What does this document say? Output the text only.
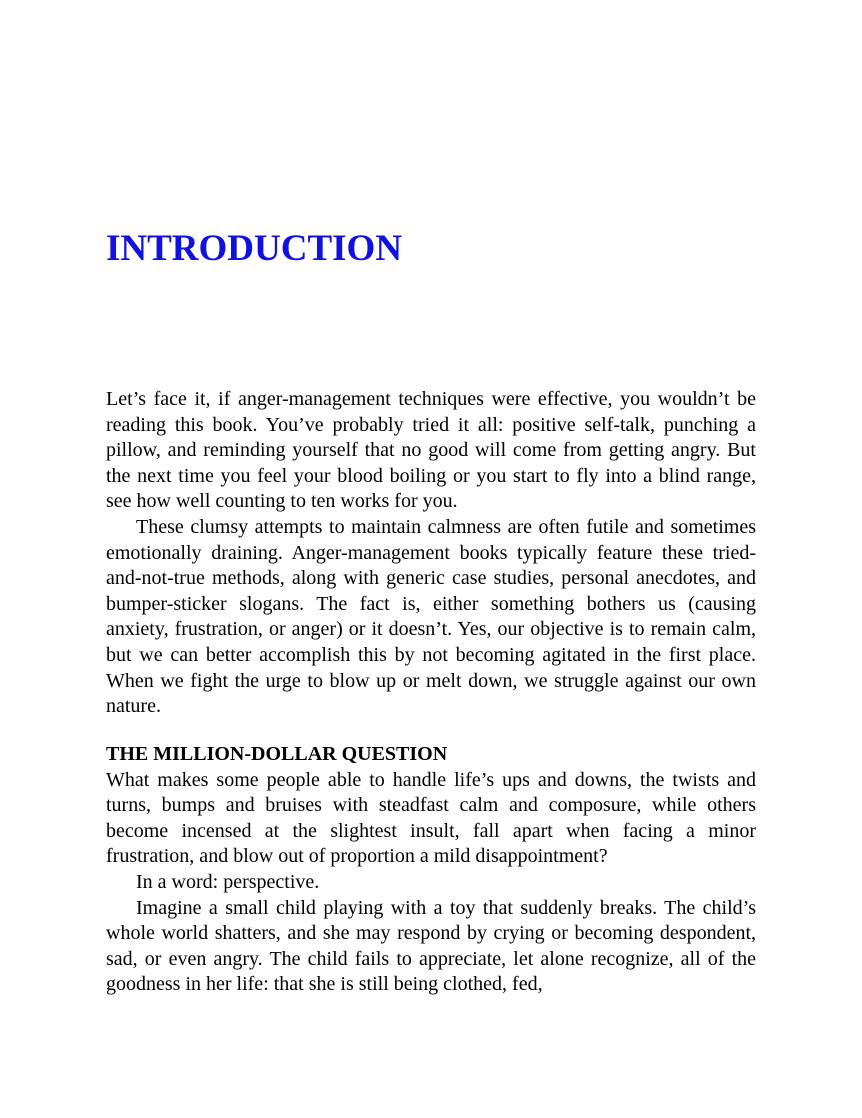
INTRODUCTION

Let’s face it, if anger-management techniques were effective, you wouldn’t be reading this book. You’ve probably tried it all: positive self-talk, punching a pillow, and reminding yourself that no good will come from getting angry. But the next time you feel your blood boiling or you start to fly into a blind range, see how well counting to ten works for you.

These clumsy attempts to maintain calmness are often futile and sometimes emotionally draining. Anger-management books typically feature these tried-and-not-true methods, along with generic case studies, personal anecdotes, and bumper-sticker slogans. The fact is, either something bothers us (causing anxiety, frustration, or anger) or it doesn’t. Yes, our objective is to remain calm, but we can better accomplish this by not becoming agitated in the first place. When we fight the urge to blow up or melt down, we struggle against our own nature.

THE MILLION-DOLLAR QUESTION

What makes some people able to handle life’s ups and downs, the twists and turns, bumps and bruises with steadfast calm and composure, while others become incensed at the slightest insult, fall apart when facing a minor frustration, and blow out of proportion a mild disappointment?

In a word: perspective.

Imagine a small child playing with a toy that suddenly breaks. The child’s whole world shatters, and she may respond by crying or becoming despondent, sad, or even angry. The child fails to appreciate, let alone recognize, all of the goodness in her life: that she is still being clothed, fed,
